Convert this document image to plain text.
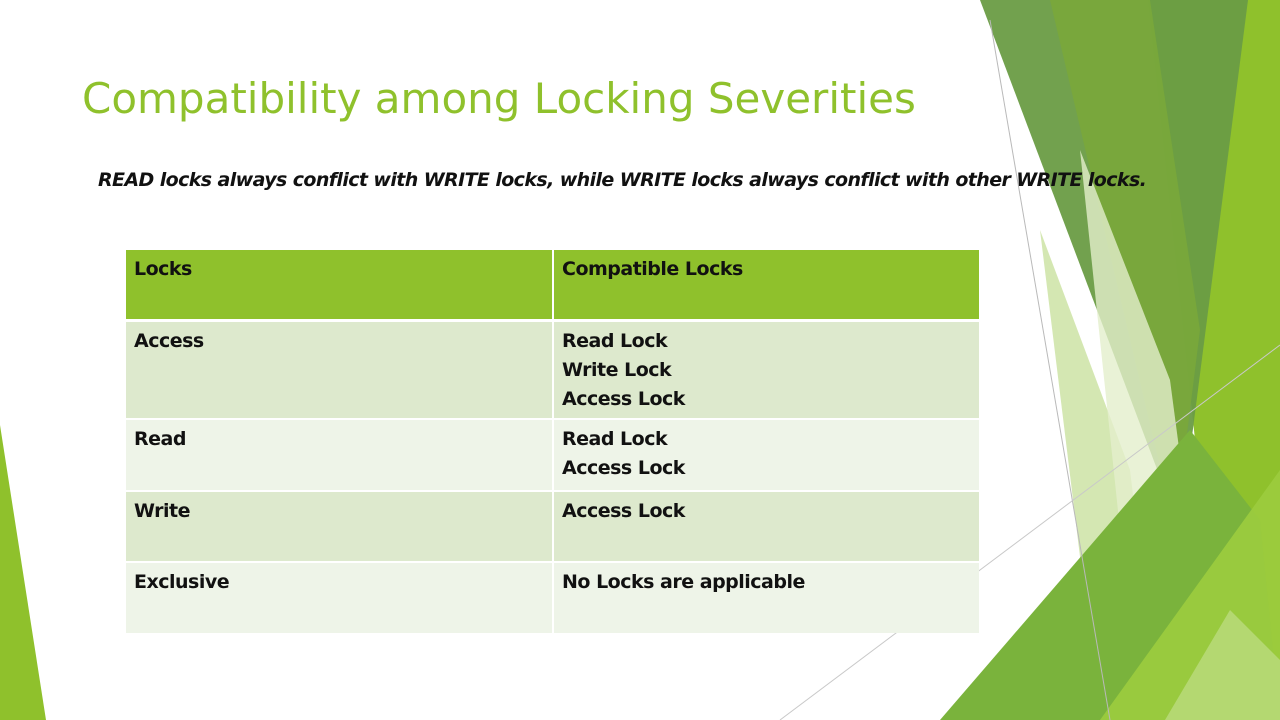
Compatibility among Locking Severities

READ locks always conflict with WRITE locks, while WRITE locks always conflict with other WRITE locks.

Locks	Compatible Locks
Access	Read Lock
Write Lock
Access Lock

Read	Read Lock
Access Lock

Write	Access Lock

Exclusive	No Locks are applicable
